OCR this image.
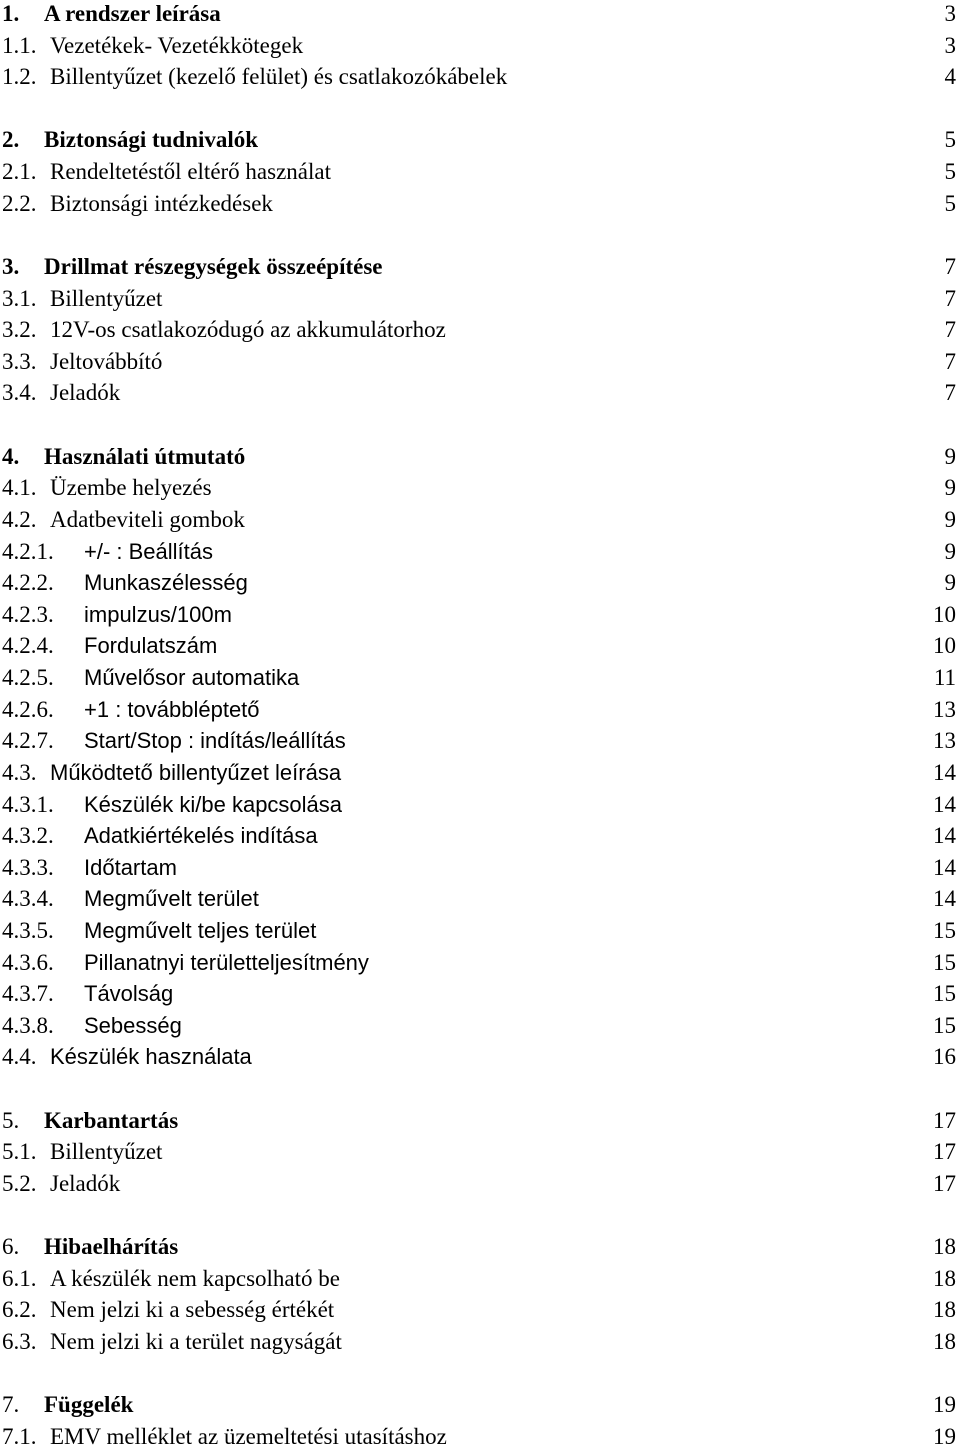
1. A rendszer leírása	3
1.1. Vezetékek- Vezetékkötegek	3
1.2. Billentyűzet (kezelő felület) és csatlakozókábelek	4
2. Biztonsági tudnivalók	5
2.1. Rendeltetéstől eltérő használat	5
2.2. Biztonsági intézkedések	5
3. Drillmat részegységek összeépítése	7
3.1. Billentyűzet	7
3.2. 12V-os csatlakozódugó az akkumulátorhoz	7
3.3. Jeltovábbító	7
3.4. Jeladók	7
4. Használati útmutató	9
4.1. Üzembe helyezés	9
4.2. Adatbeviteli gombok	9
4.2.1. +/- : Beállítás	9
4.2.2. Munkaszélesség	9
4.2.3. impulzus/100m	10
4.2.4. Fordulatszám	10
4.2.5. Művelősor automatika	11
4.2.6. +1 : továbbléptető	13
4.2.7. Start/Stop : indítás/leállítás	13
4.3. Működtető billentyűzet leírása	14
4.3.1. Készülék ki/be kapcsolása	14
4.3.2. Adatkiértékelés indítása	14
4.3.3. Időtartam	14
4.3.4. Megművelt terület	14
4.3.5. Megművelt teljes terület	15
4.3.6. Pillanatnyi területteljesítmény	15
4.3.7. Távolság	15
4.3.8. Sebesség	15
4.4. Készülék használata	16
5. Karbantartás	17
5.1. Billentyűzet	17
5.2. Jeladók	17
6. Hibaelhárítás	18
6.1. A készülék nem kapcsolható be	18
6.2. Nem jelzi ki a sebesség értékét	18
6.3. Nem jelzi ki a terület nagyságát	18
7. Függelék	19
7.1. EMV melléklet az üzemeltetési utasításhoz	19
